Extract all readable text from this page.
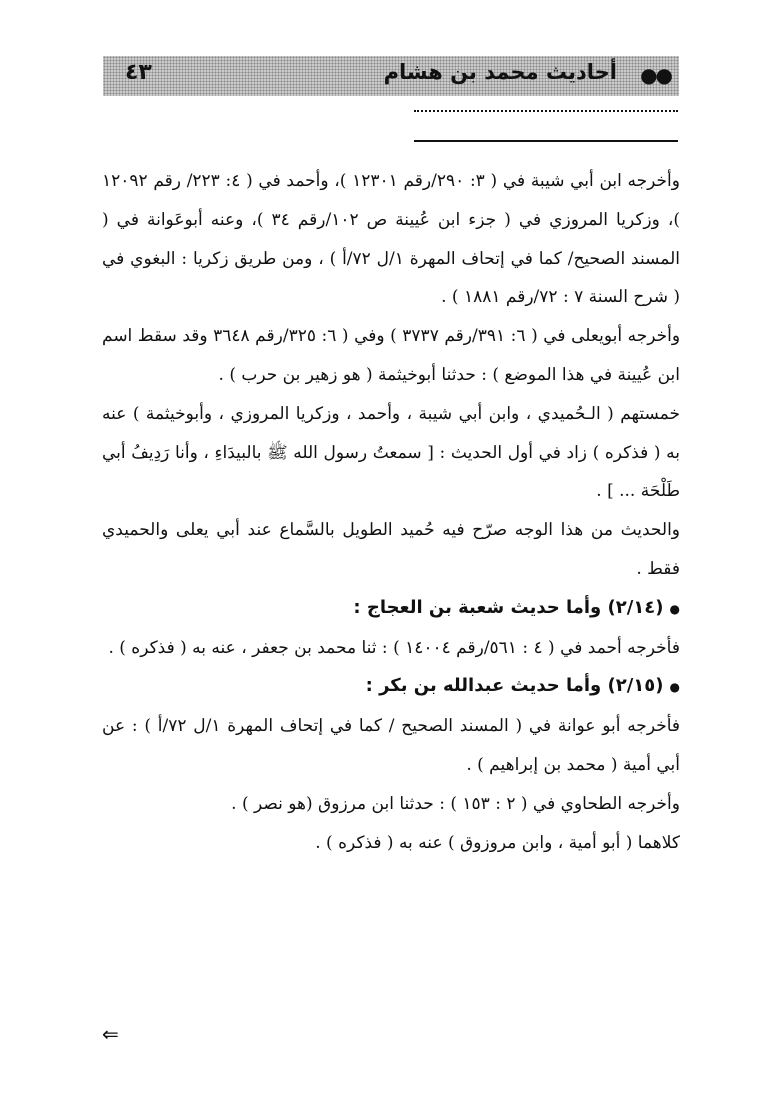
●●
أحاديث محمد بن هشام
٤٣

وأخرجه ابن أبي شيبة في ( ٣: ٢٩٠/رقم ١٢٣٠١ )، وأحمد في ( ٤: ٢٢٣/ رقم ١٢٠٩٢ )، وزكريا المروزي في ( جزء ابن عُيينة ص ١٠٢/رقم ٣٤ )، وعنه أبوعَوانة في ( المسند الصحيح/ كما في إتحاف المهرة ١/ل ٧٢/أ ) ، ومن طريق زكريا : البغوي في ( شرح السنة ٧ : ٧٢/رقم ١٨٨١ ) .

وأخرجه أبويعلى في ( ٦: ٣٩١/رقم ٣٧٣٧ ) وفي ( ٦: ٣٢٥/رقم ٣٦٤٨ وقد سقط اسم ابن عُيينة في هذا الموضع ) : حدثنا أبوخيثمة ( هو زهير بن حرب ) .

خمستهم ( الـحُميدي ، وابن أبي شيبة ، وأحمد ، وزكريا المروزي ، وأبوخيثمة ) عنه به ( فذكره ) زاد في أول الحديث : [ سمعتُ رسول الله ﷺ بالبيدَاءِ ، وأنا رَدِيفُ أبي طَلْحَة ... ] .

والحديث من هذا الوجه صرّح فيه حُميد الطويل بالسَّماع عند أبي يعلى والحميدي فقط .

●(٢/١٤) وأما حديث شعبة بن العجاج :

فأخرجه أحمد في ( ٤ : ٥٦١/رقم ١٤٠٠٤ ) : ثنا محمد بن جعفر ، عنه به ( فذكره ) .

●(٢/١٥) وأما حديث عبدالله بن بكر :

فأخرجه أبو عوانة في ( المسند الصحيح / كما في إتحاف المهرة ١/ل ٧٢/أ ) : عن أبي أمية ( محمد بن إبراهيم ) .

وأخرجه الطحاوي في ( ٢ : ١٥٣ ) : حدثنا ابن مرزوق (هو نصر ) .

كلاهما ( أبو أمية ، وابن مروزوق ) عنه به ( فذكره ) .

⇐
